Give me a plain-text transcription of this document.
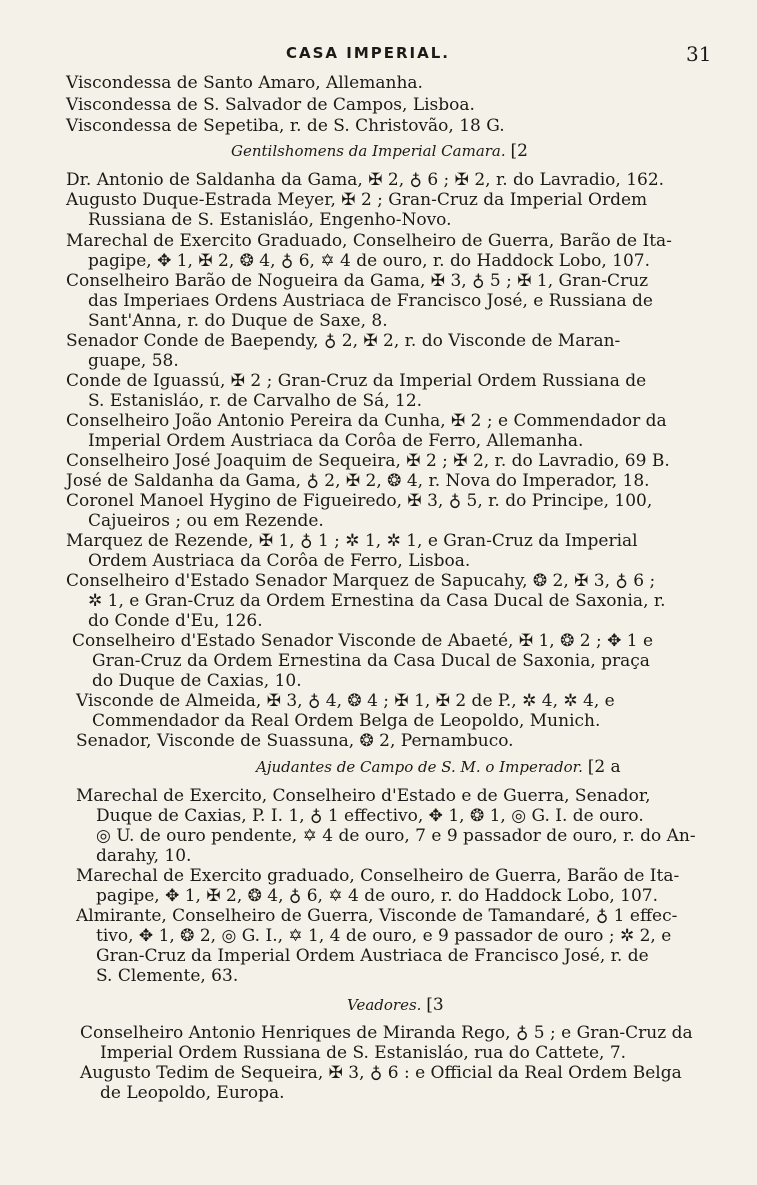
CASA IMPERIAL.	31
Viscondessa de Santo Amaro, Allemanha.
Viscondessa de S. Salvador de Campos, Lisboa.
Viscondessa de Sepetiba, r. de S. Christovão, 18 G.
Gentilshomens da Imperial Camara. [2
Dr. Antonio de Saldanha da Gama, ✠ 2, ♁ 6 ; ✠ 2, r. do Lavradio, 162.
Augusto Duque-Estrada Meyer, ✠ 2 ; Gran-Cruz da Imperial Ordem
Russiana de S. Estanisláo, Engenho-Novo.
Marechal de Exercito Graduado, Conselheiro de Guerra, Barão de Ita-
pagipe, ✥ 1, ✠ 2, ❂ 4, ♁ 6, ✡ 4 de ouro, r. do Haddock Lobo, 107.
Conselheiro Barão de Nogueira da Gama, ✠ 3, ♁ 5 ; ✠ 1, Gran-Cruz
das Imperiaes Ordens Austriaca de Francisco José, e Russiana de
Sant'Anna, r. do Duque de Saxe, 8.
Senador Conde de Baependy, ♁ 2, ✠ 2, r. do Visconde de Maran-
guape, 58.
Conde de Iguassú, ✠ 2 ; Gran-Cruz da Imperial Ordem Russiana de
S. Estanisláo, r. de Carvalho de Sá, 12.
Conselheiro João Antonio Pereira da Cunha, ✠ 2 ; e Commendador da
Imperial Ordem Austriaca da Corôa de Ferro, Allemanha.
Conselheiro José Joaquim de Sequeira, ✠ 2 ; ✠ 2, r. do Lavradio, 69 B.
José de Saldanha da Gama, ♁ 2, ✠ 2, ❂ 4, r. Nova do Imperador, 18.
Coronel Manoel Hygino de Figueiredo, ✠ 3, ♁ 5, r. do Principe, 100,
Cajueiros ; ou em Rezende.
Marquez de Rezende, ✠ 1, ♁ 1 ; ✲ 1, ✲ 1, e Gran-Cruz da Imperial
Ordem Austriaca da Corôa de Ferro, Lisboa.
Conselheiro d'Estado Senador Marquez de Sapucahy, ❂ 2, ✠ 3, ♁ 6 ;
✲ 1, e Gran-Cruz da Ordem Ernestina da Casa Ducal de Saxonia, r.
do Conde d'Eu, 126.
Conselheiro d'Estado Senador Visconde de Abaeté, ✠ 1, ❂ 2 ; ✥ 1 e
Gran-Cruz da Ordem Ernestina da Casa Ducal de Saxonia, praça
do Duque de Caxias, 10.
Visconde de Almeida, ✠ 3, ♁ 4, ❂ 4 ; ✠ 1, ✠ 2 de P., ✲ 4, ✲ 4, e
Commendador da Real Ordem Belga de Leopoldo, Munich.
Senador, Visconde de Suassuna, ❂ 2, Pernambuco.
Ajudantes de Campo de S. M. o Imperador. [2 a
Marechal de Exercito, Conselheiro d'Estado e de Guerra, Senador,
Duque de Caxias, P. I. 1, ♁ 1 effectivo, ✥ 1, ❂ 1, ◎ G. I. de ouro.
◎ U. de ouro pendente, ✡ 4 de ouro, 7 e 9 passador de ouro, r. do An-
darahy, 10.
Marechal de Exercito graduado, Conselheiro de Guerra, Barão de Ita-
pagipe, ✥ 1, ✠ 2, ❂ 4, ♁ 6, ✡ 4 de ouro, r. do Haddock Lobo, 107.
Almirante, Conselheiro de Guerra, Visconde de Tamandaré, ♁ 1 effec-
tivo, ✥ 1, ❂ 2, ◎ G. I., ✡ 1, 4 de ouro, e 9 passador de ouro ; ✲ 2, e
Gran-Cruz da Imperial Ordem Austriaca de Francisco José, r. de
S. Clemente, 63.
Veadores. [3
Conselheiro Antonio Henriques de Miranda Rego, ♁ 5 ; e Gran-Cruz da
Imperial Ordem Russiana de S. Estanisláo, rua do Cattete, 7.
Augusto Tedim de Sequeira, ✠ 3, ♁ 6 : e Official da Real Ordem Belga
de Leopoldo, Europa.
